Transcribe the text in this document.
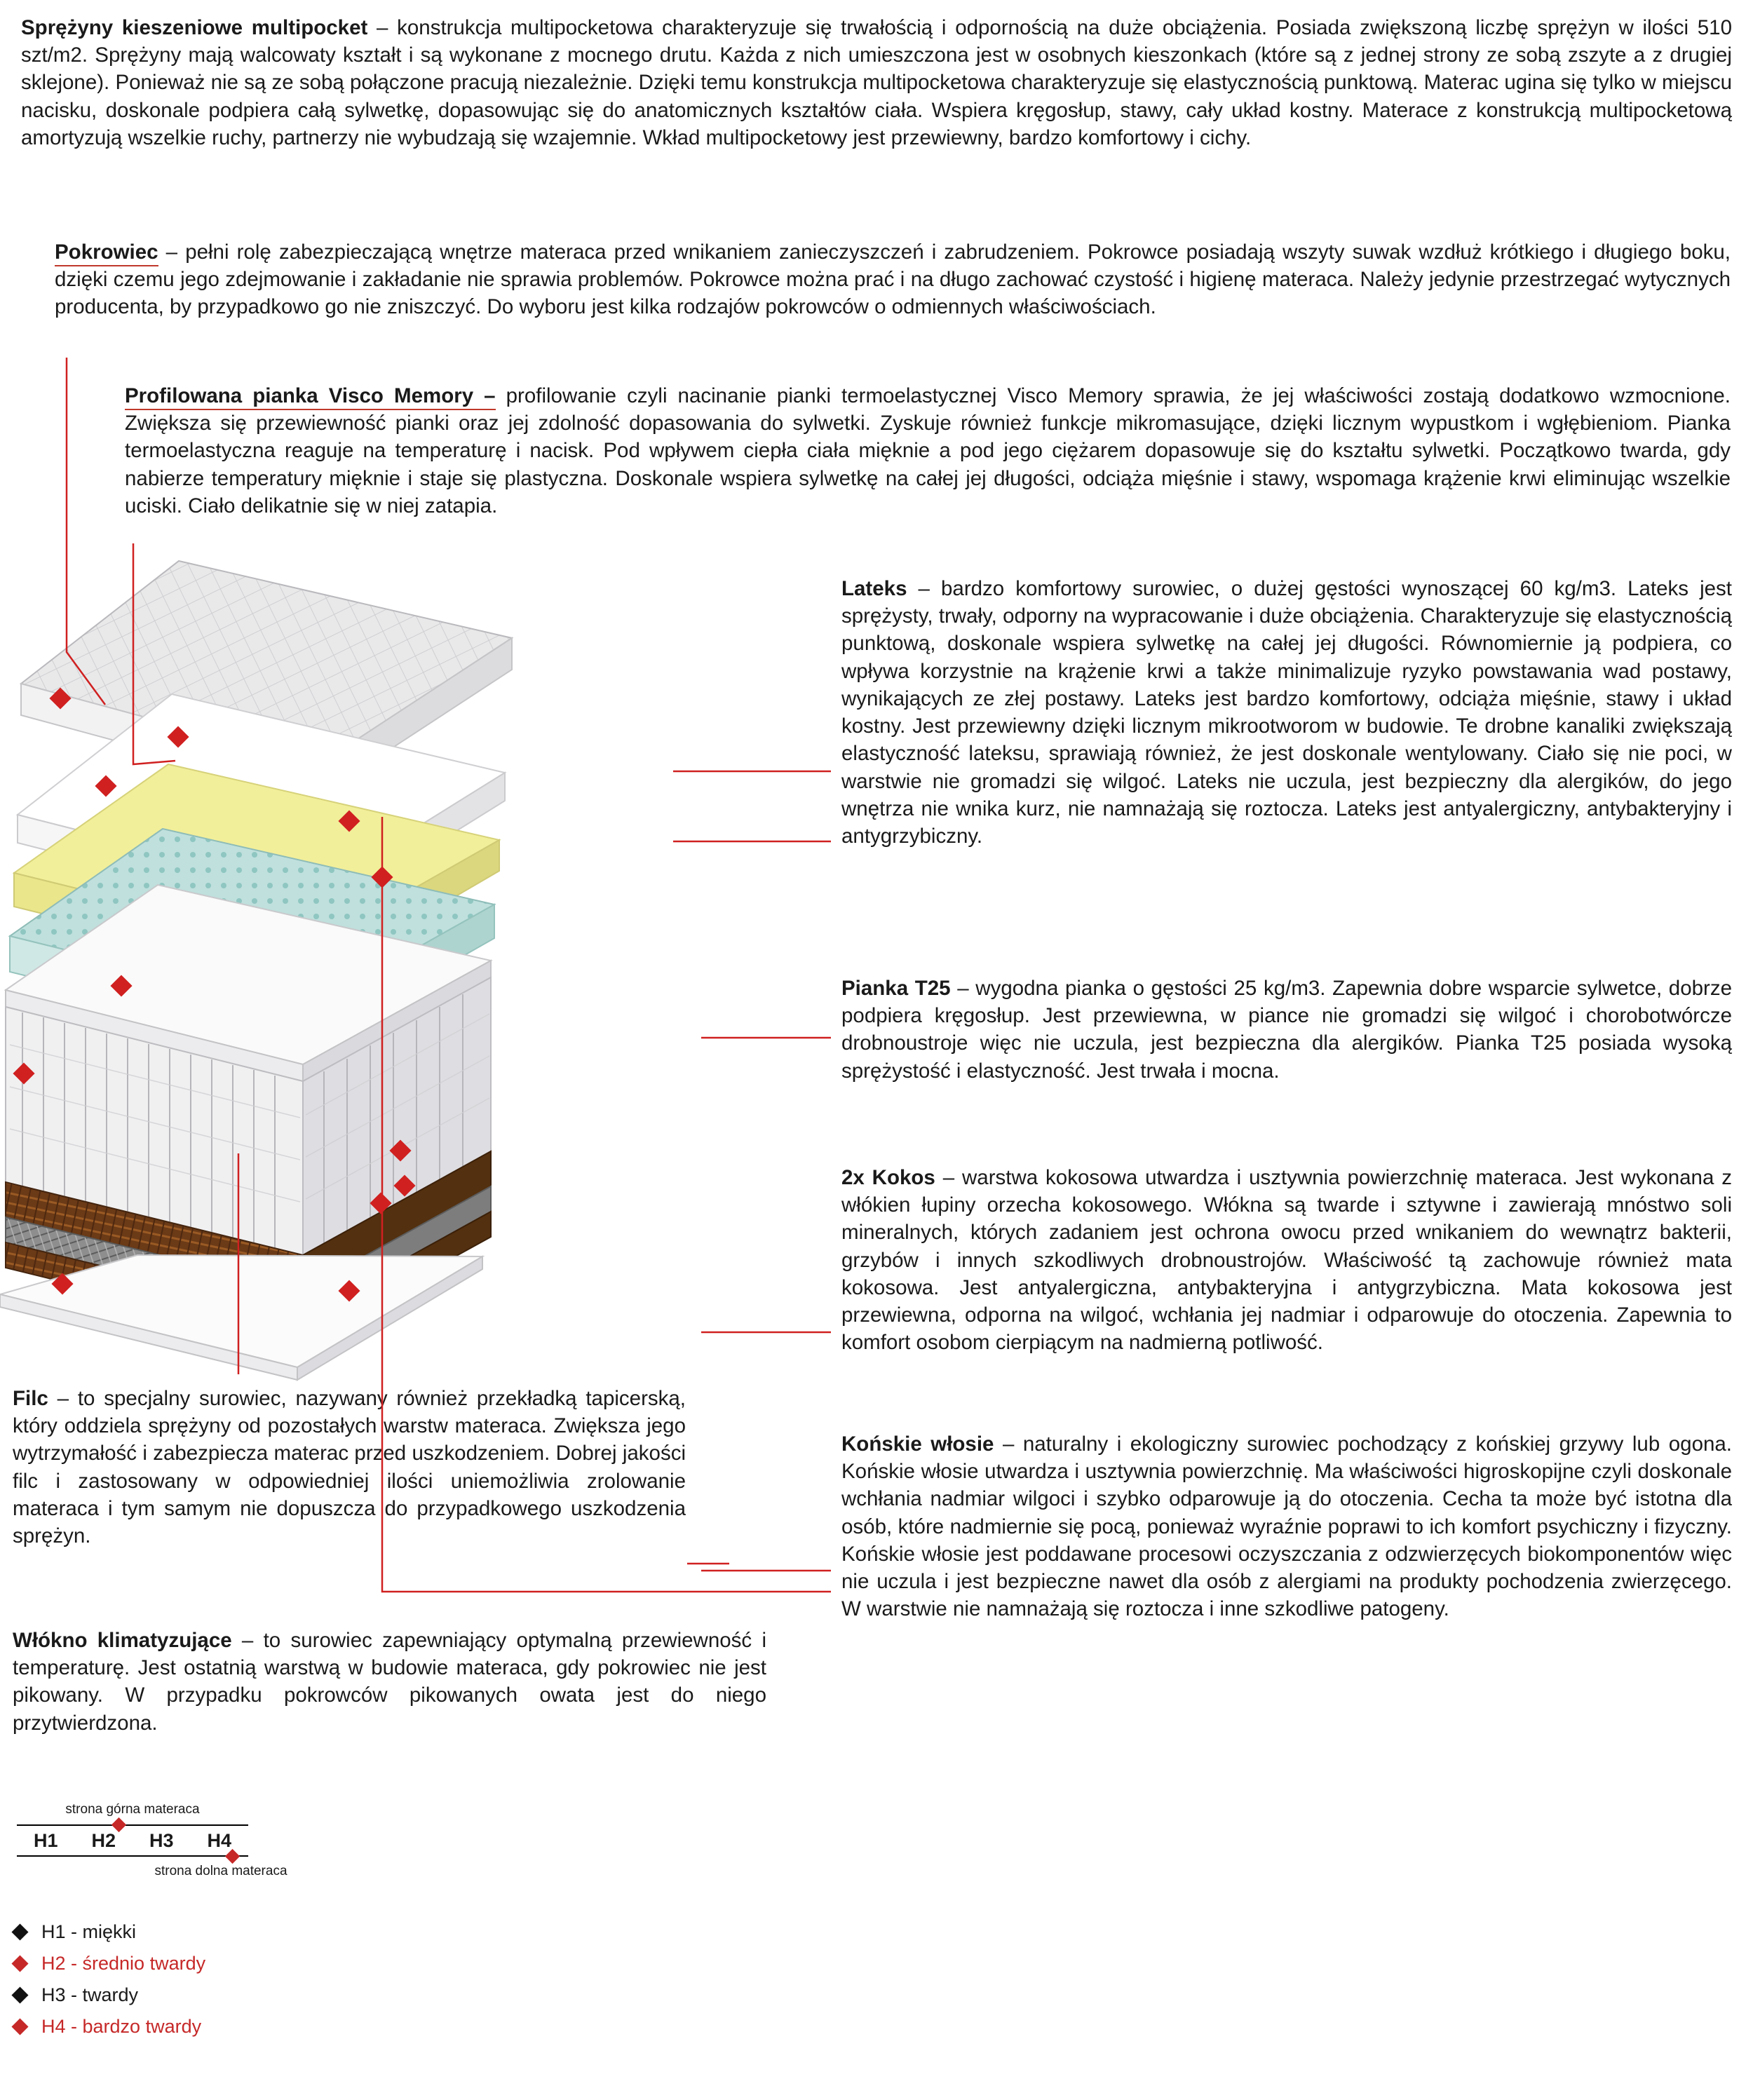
Sprężyny kieszeniowe multipocket – konstrukcja multipocketowa charakteryzuje się trwałością i odpornością na duże obciążenia. Posiada zwiększoną liczbę sprężyn w ilości 510 szt/m2. Sprężyny mają walcowaty kształt i są wykonane z mocnego drutu. Każda z nich umieszczona jest w osobnych kieszonkach (które są z jednej strony ze sobą zszyte a z drugiej sklejone). Ponieważ nie są ze sobą połączone pracują niezależnie. Dzięki temu konstrukcja multipocketowa charakteryzuje się elastycznością punktową. Materac ugina się tylko w miejscu nacisku, doskonale podpiera całą sylwetkę, dopasowując się do anatomicznych kształtów ciała. Wspiera kręgosłup, stawy, cały układ kostny. Materace z konstrukcją multipocketową amortyzują wszelkie ruchy, partnerzy nie wybudzają się wzajemnie. Wkład multipocketowy jest przewiewny, bardzo komfortowy i cichy.
Pokrowiec – pełni rolę zabezpieczającą wnętrze materaca przed wnikaniem zanieczyszczeń i zabrudzeniem. Pokrowce posiadają wszyty suwak wzdłuż krótkiego i długiego boku, dzięki czemu jego zdejmowanie i zakładanie nie sprawia problemów. Pokrowce można prać i na długo zachować czystość i higienę materaca. Należy jedynie przestrzegać wytycznych producenta, by przypadkowo go nie zniszczyć. Do wyboru jest kilka rodzajów pokrowców o odmiennych właściwościach.
Profilowana pianka Visco Memory – profilowanie czyli nacinanie pianki termoelastycznej Visco Memory sprawia, że jej właściwości zostają dodatkowo wzmocnione. Zwiększa się przewiewność pianki oraz jej zdolność dopasowania do sylwetki. Zyskuje również funkcje mikromasujące, dzięki licznym wypustkom i wgłębieniom. Pianka termoelastyczna reaguje na temperaturę i nacisk. Pod wpływem ciepła ciała mięknie a pod jego ciężarem dopasowuje się do kształtu sylwetki. Początkowo twarda, gdy nabierze temperatury mięknie i staje się plastyczna. Doskonale wspiera sylwetkę na całej jej długości, odciąża mięśnie i stawy, wspomaga krążenie krwi eliminując wszelkie uciski. Ciało delikatnie się w niej zatapia.
Lateks – bardzo komfortowy surowiec, o dużej gęstości wynoszącej 60 kg/m3. Lateks jest sprężysty, trwały, odporny na wypracowanie i duże obciążenia. Charakteryzuje się elastycznością punktową, doskonale wspiera sylwetkę na całej jej długości. Równomiernie ją podpiera, co wpływa korzystnie na krążenie krwi a także minimalizuje ryzyko powstawania wad postawy, wynikających ze złej postawy. Lateks jest bardzo komfortowy, odciąża mięśnie, stawy i układ kostny. Jest przewiewny dzięki licznym mikrootworom w budowie. Te drobne kanaliki zwiększają elastyczność lateksu, sprawiają również, że jest doskonale wentylowany. Ciało się nie poci, w warstwie nie gromadzi się wilgoć. Lateks nie uczula, jest bezpieczny dla alergików, do jego wnętrza nie wnika kurz, nie namnażają się roztocza. Lateks jest antyalergiczny, antybakteryjny i antygrzybiczny.
Pianka T25 – wygodna pianka o gęstości 25 kg/m3. Zapewnia dobre wsparcie sylwetce, dobrze podpiera kręgosłup. Jest przewiewna, w piance nie gromadzi się wilgoć i chorobotwórcze drobnoustroje więc nie uczula, jest bezpieczna dla alergików. Pianka T25 posiada wysoką sprężystość i elastyczność. Jest trwała i mocna.
2x Kokos – warstwa kokosowa utwardza i usztywnia powierzchnię materaca. Jest wykonana z włókien łupiny orzecha kokosowego. Włókna są twarde i sztywne i zawierają mnóstwo soli mineralnych, których zadaniem jest ochrona owocu przed wnikaniem do wewnątrz bakterii, grzybów i innych szkodliwych drobnoustrojów. Właściwość tą zachowuje również mata kokosowa. Jest antyalergiczna, antybakteryjna i antygrzybiczna. Mata kokosowa jest przewiewna, odporna na wilgoć, wchłania jej nadmiar i odparowuje do otoczenia. Zapewnia to komfort osobom cierpiącym na nadmierną potliwość.
Końskie włosie – naturalny i ekologiczny surowiec pochodzący z końskiej grzywy lub ogona. Końskie włosie utwardza i usztywnia powierzchnię. Ma właściwości higroskopijne czyli doskonale wchłania nadmiar wilgoci i szybko odparowuje ją do otoczenia. Cecha ta może być istotna dla osób, które nadmiernie się pocą, ponieważ wyraźnie poprawi to ich komfort psychiczny i fizyczny. Końskie włosie jest poddawane procesowi oczyszczania z odzwierzęcych biokomponentów więc nie uczula i jest bezpieczne nawet dla osób z alergiami na produkty pochodzenia zwierzęcego. W warstwie nie namnażają się roztocza i inne szkodliwe patogeny.
Filc – to specjalny surowiec, nazywany również przekładką tapicerską, który oddziela sprężyny od pozostałych warstw materaca. Zwiększa jego wytrzymałość i zabezpiecza materac przed uszkodzeniem. Dobrej jakości filc i zastosowany w odpowiedniej ilości uniemożliwia zrolowanie materaca i tym samym nie dopuszcza do przypadkowego uszkodzenia sprężyn.
Włókno klimatyzujące – to surowiec zapewniający optymalną przewiewność i temperaturę. Jest ostatnią warstwą w budowie materaca, gdy pokrowiec nie jest pikowany. W przypadku pokrowców pikowanych owata jest do niego przytwierdzona.
strona górna materaca
H1	H2	H3	H4
strona dolna materaca
H1 - miękki
H2 - średnio twardy
H3 - twardy
H4 - bardzo twardy
